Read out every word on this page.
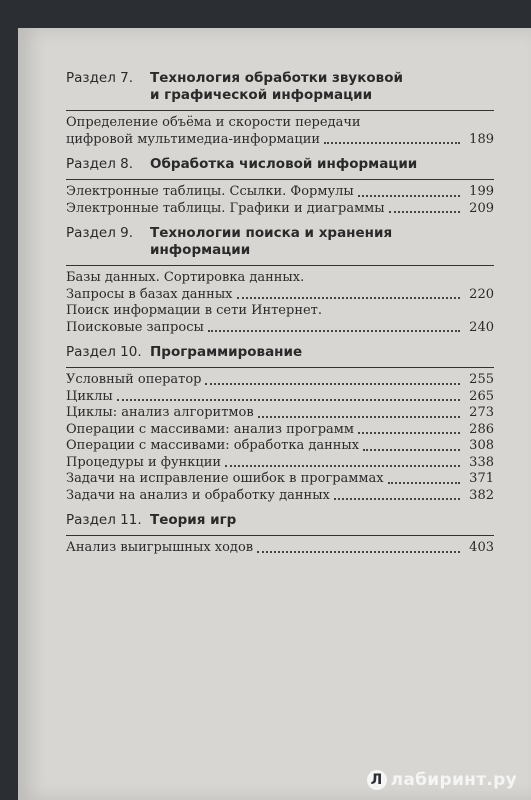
Раздел 7.	Технология обработки звуковой
и графической информации
Определение объёма и скорости передачи
цифровой мультимедиа-информации	189
Раздел 8.	Обработка числовой информации
Электронные таблицы. Ссылки. Формулы	199
Электронные таблицы. Графики и диаграммы	209
Раздел 9.	Технологии поиска и хранения
информации
Базы данных. Сортировка данных.
Запросы в базах данных	220
Поиск информации в сети Интернет.
Поисковые запросы	240
Раздел 10. Программирование
Условный оператор	255
Циклы	265
Циклы: анализ алгоритмов	273
Операции с массивами: анализ программ	286
Операции с массивами: обработка данных	308
Процедуры и функции	338
Задачи на исправление ошибок в программах	371
Задачи на анализ и обработку данных	382
Раздел 11. Теория игр
Анализ выигрышных ходов	403
Л лабиринт.ру
